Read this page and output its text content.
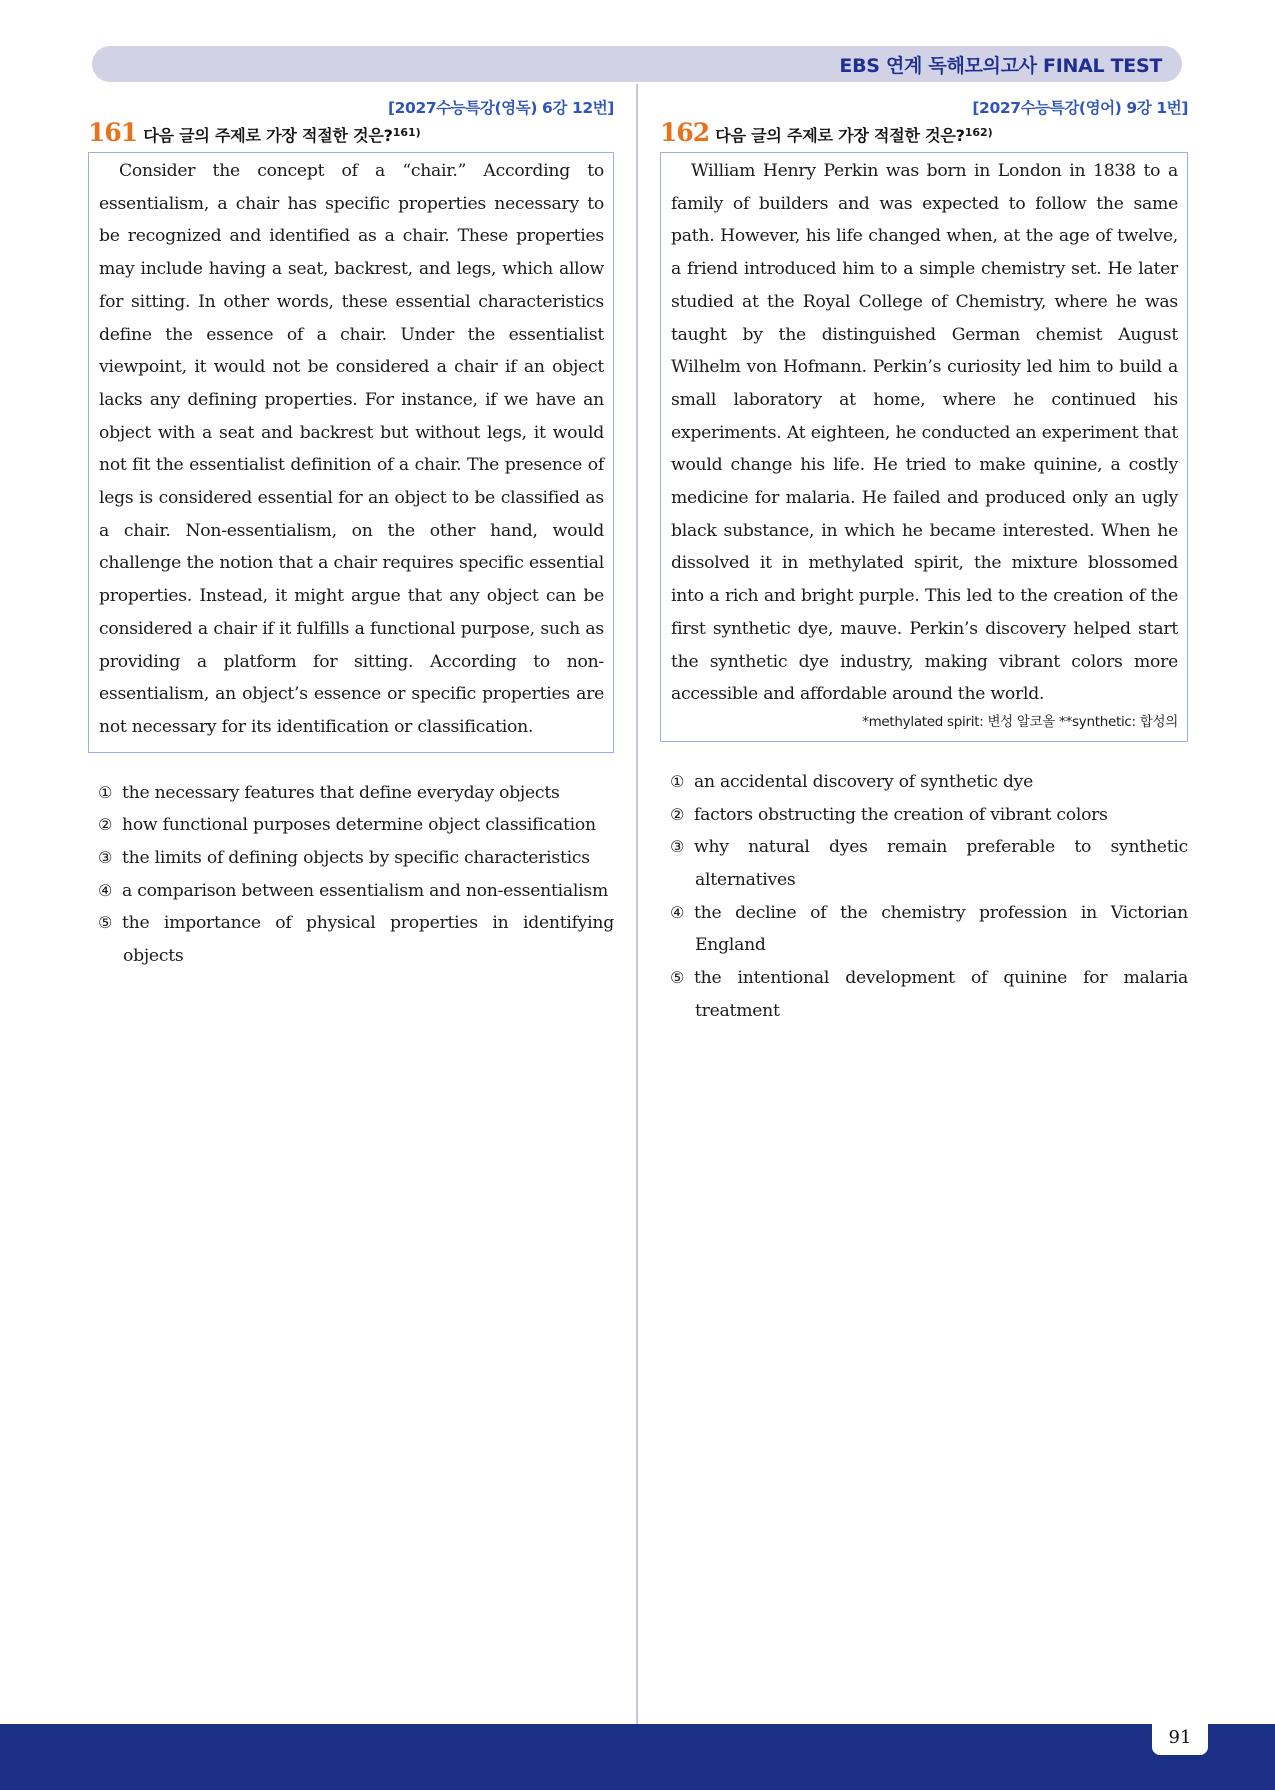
EBS 연계 독해모의고사 FINAL TEST
[2027수능특강(영독) 6강 12번]
161 다음 글의 주제로 가장 적절한 것은? 161)

Consider the concept of a “chair.” According to essentialism, a chair has specific properties necessary to be recognized and identified as a chair. These properties may include having a seat, backrest, and legs, which allow for sitting. In other words, these essential characteristics define the essence of a chair. Under the essentialist viewpoint, it would not be considered a chair if an object lacks any defining properties. For instance, if we have an object with a seat and backrest but without legs, it would not fit the essentialist definition of a chair. The presence of legs is considered essential for an object to be classified as a chair. Non-essentialism, on the other hand, would challenge the notion that a chair requires specific essential properties. Instead, it might argue that any object can be considered a chair if it fulfills a functional purpose, such as providing a platform for sitting. According to non-essentialism, an object’s essence or specific properties are not necessary for its identification or classification.

① the necessary features that define everyday objects
② how functional purposes determine object classification
③ the limits of defining objects by specific characteristics
④ a comparison between essentialism and non-essentialism
⑤ the importance of physical properties in identifying objects
[2027수능특강(영어) 9강 1번]
162 다음 글의 주제로 가장 적절한 것은? 162)

William Henry Perkin was born in London in 1838 to a family of builders and was expected to follow the same path. However, his life changed when, at the age of twelve, a friend introduced him to a simple chemistry set. He later studied at the Royal College of Chemistry, where he was taught by the distinguished German chemist August Wilhelm von Hofmann. Perkin’s curiosity led him to build a small laboratory at home, where he continued his experiments. At eighteen, he conducted an experiment that would change his life. He tried to make quinine, a costly medicine for malaria. He failed and produced only an ugly black substance, in which he became interested. When he dissolved it in methylated spirit, the mixture blossomed into a rich and bright purple. This led to the creation of the first synthetic dye, mauve. Perkin’s discovery helped start the synthetic dye industry, making vibrant colors more accessible and affordable around the world.

*methylated spirit: 변성 알코올 **synthetic: 합성의
① an accidental discovery of synthetic dye
② factors obstructing the creation of vibrant colors
③ why natural dyes remain preferable to synthetic alternatives
④ the decline of the chemistry profession in Victorian England
⑤ the intentional development of quinine for malaria treatment
91
